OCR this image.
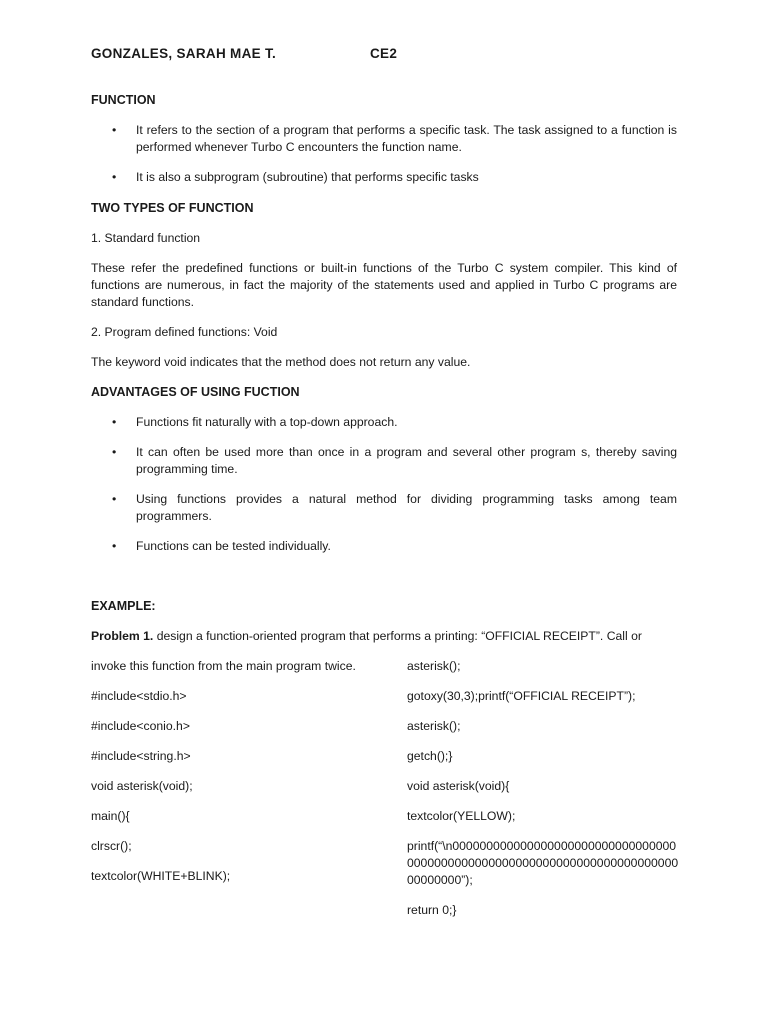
GONZALES, SARAH MAE T.	CE2

FUNCTION

• It refers to the section of a program that performs a specific task. The task assigned to a function is performed whenever Turbo C encounters the function name.
• It is also a subprogram (subroutine) that performs specific tasks

TWO TYPES OF FUNCTION

1. Standard function

These refer the predefined functions or built-in functions of the Turbo C system compiler. This kind of functions are numerous, in fact the majority of the statements used and applied in Turbo C programs are standard functions.

2. Program defined functions: Void

The keyword void indicates that the method does not return any value.

ADVANTAGES OF USING FUCTION

• Functions fit naturally with a top-down approach.
• It can often be used more than once in a program and several other program s, thereby saving programming time.
• Using functions provides a natural method for dividing programming tasks among team programmers.
• Functions can be tested individually.

EXAMPLE:

Problem 1. design a function-oriented program that performs a printing: “OFFICIAL RECEIPT”. Call or

invoke this function from the main program twice.

#include<stdio.h>

#include<conio.h>

#include<string.h>

void asterisk(void);

main(){

clrscr();

textcolor(WHITE+BLINK);

asterisk();

gotoxy(30,3);printf(“OFFICIAL RECEIPT”);

asterisk();

getch();}

void asterisk(void){

textcolor(YELLOW);

printf(“\n000000000000000000000000000000000000000000000000000000000000000000000000000000000”);

return 0;}
